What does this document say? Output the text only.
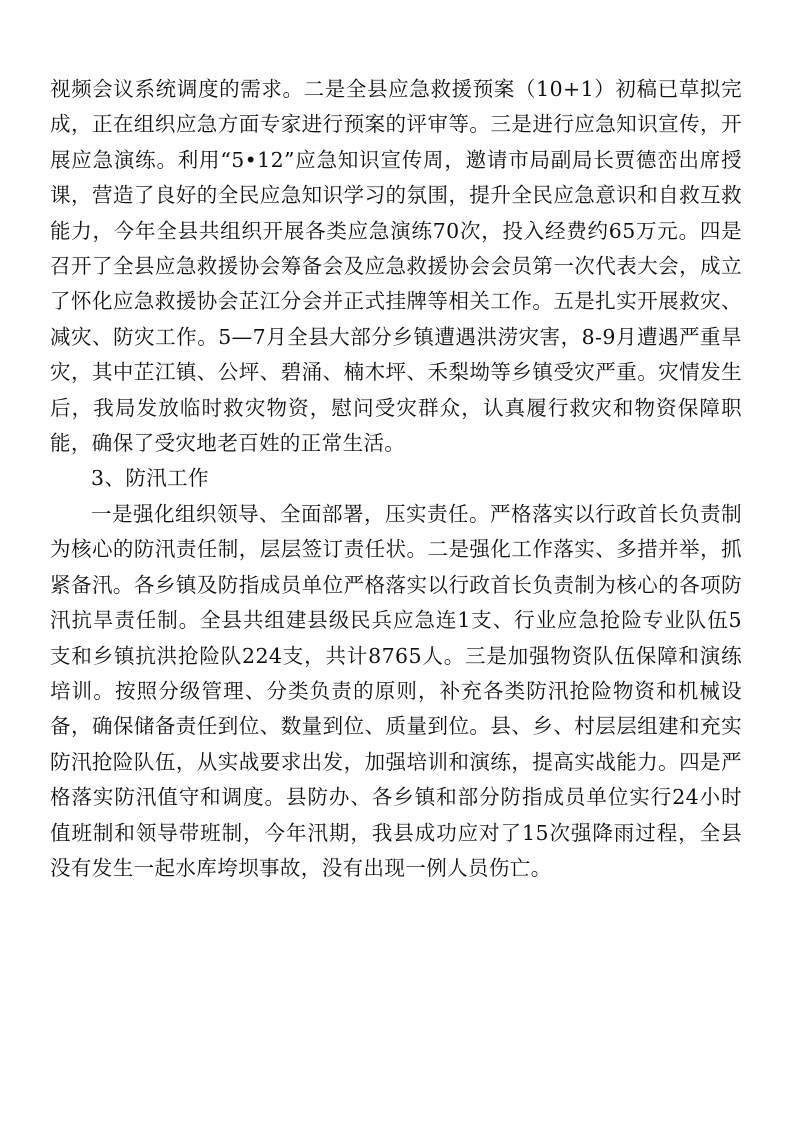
视频会议系统调度的需求。二是全县应急救援预案（10+1）初稿已草拟完成，正在组织应急方面专家进行预案的评审等。三是进行应急知识宣传，开展应急演练。利用“5•12”应急知识宣传周，邀请市局副局长贾德峦出席授课，营造了良好的全民应急知识学习的氛围，提升全民应急意识和自救互救能力，今年全县共组织开展各类应急演练70次，投入经费约65万元。四是召开了全县应急救援协会筹备会及应急救援协会会员第一次代表大会，成立了怀化应急救援协会芷江分会并正式挂牌等相关工作。五是扎实开展救灾、减灾、防灾工作。5—7月全县大部分乡镇遭遇洪涝灾害，8-9月遭遇严重旱灾，其中芷江镇、公坪、碧涌、楠木坪、禾梨坳等乡镇受灾严重。灾情发生后，我局发放临时救灾物资，慰问受灾群众，认真履行救灾和物资保障职能，确保了受灾地老百姓的正常生活。

3、防汛工作

一是强化组织领导、全面部署，压实责任。严格落实以行政首长负责制为核心的防汛责任制，层层签订责任状。二是强化工作落实、多措并举，抓紧备汛。各乡镇及防指成员单位严格落实以行政首长负责制为核心的各项防汛抗旱责任制。全县共组建县级民兵应急连1支、行业应急抢险专业队伍5支和乡镇抗洪抢险队224支，共计8765人。三是加强物资队伍保障和演练培训。按照分级管理、分类负责的原则，补充各类防汛抢险物资和机械设备，确保储备责任到位、数量到位、质量到位。县、乡、村层层组建和充实防汛抢险队伍，从实战要求出发，加强培训和演练，提高实战能力。四是严格落实防汛值守和调度。县防办、各乡镇和部分防指成员单位实行24小时值班制和领导带班制，今年汛期，我县成功应对了15次强降雨过程，全县没有发生一起水库垮坝事故，没有出现一例人员伤亡。
